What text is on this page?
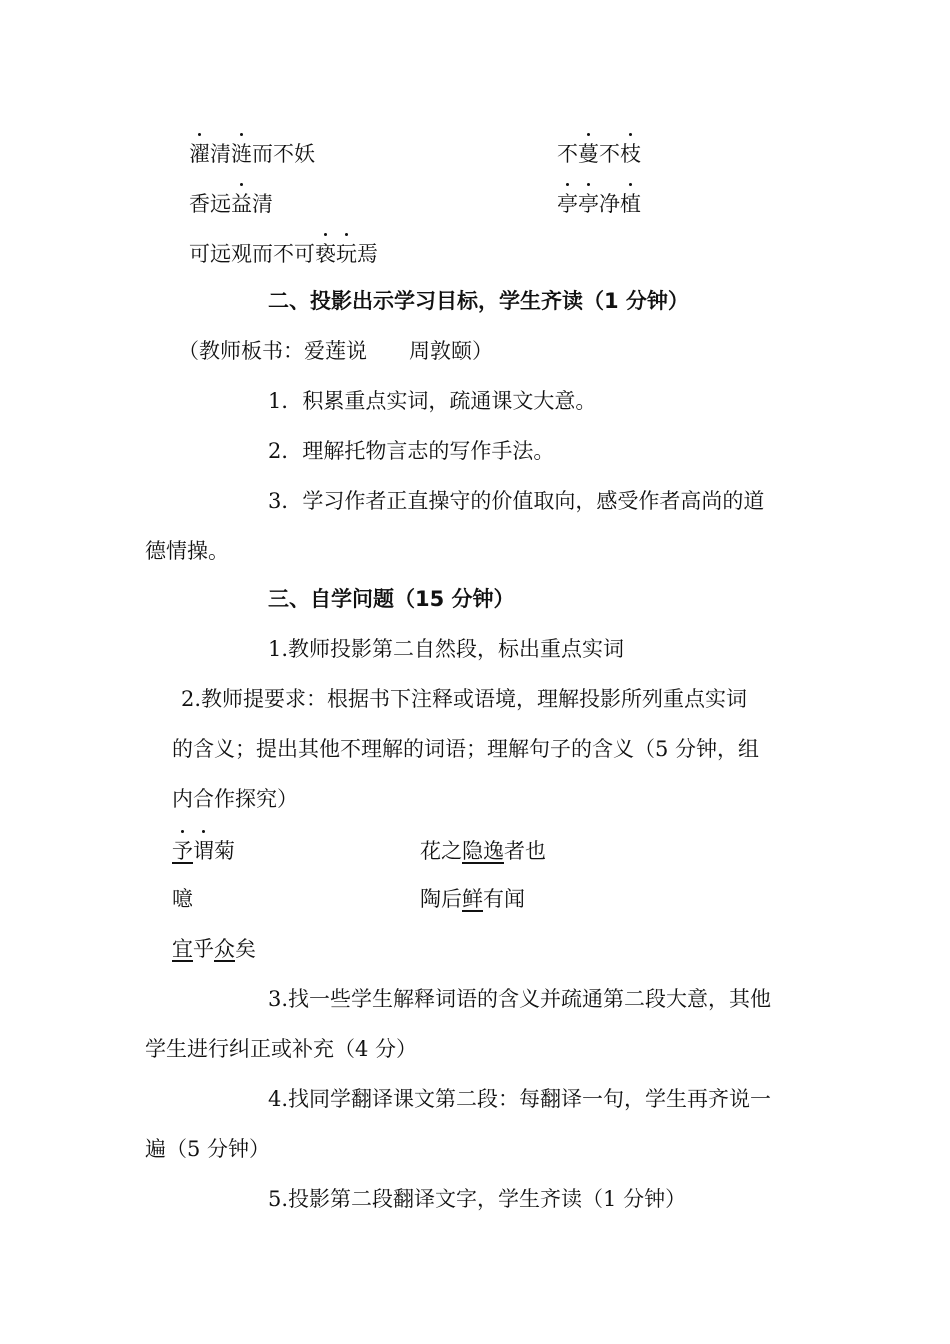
濯清涟而不妖	不蔓不枝
香远益清	亭亭净植
可远观而不可亵玩焉
二、投影出示学习目标，学生齐读（1 分钟）
（教师板书：爱莲说　　周敦颐）
1．积累重点实词，疏通课文大意。
2．理解托物言志的写作手法。
3．学习作者正直操守的价值取向，感受作者高尚的道
德情操。
三、自学问题（15 分钟）
1.教师投影第二自然段，标出重点实词
2.教师提要求：根据书下注释或语境，理解投影所列重点实词
的含义；提出其他不理解的词语；理解句子的含义（5 分钟，组
内合作探究）
予谓菊	花之隐逸者也
噫	陶后鲜有闻
宜乎众矣
3.找一些学生解释词语的含义并疏通第二段大意，其他
学生进行纠正或补充（4 分）
4.找同学翻译课文第二段：每翻译一句，学生再齐说一
遍（5 分钟）
5.投影第二段翻译文字，学生齐读（1 分钟）
